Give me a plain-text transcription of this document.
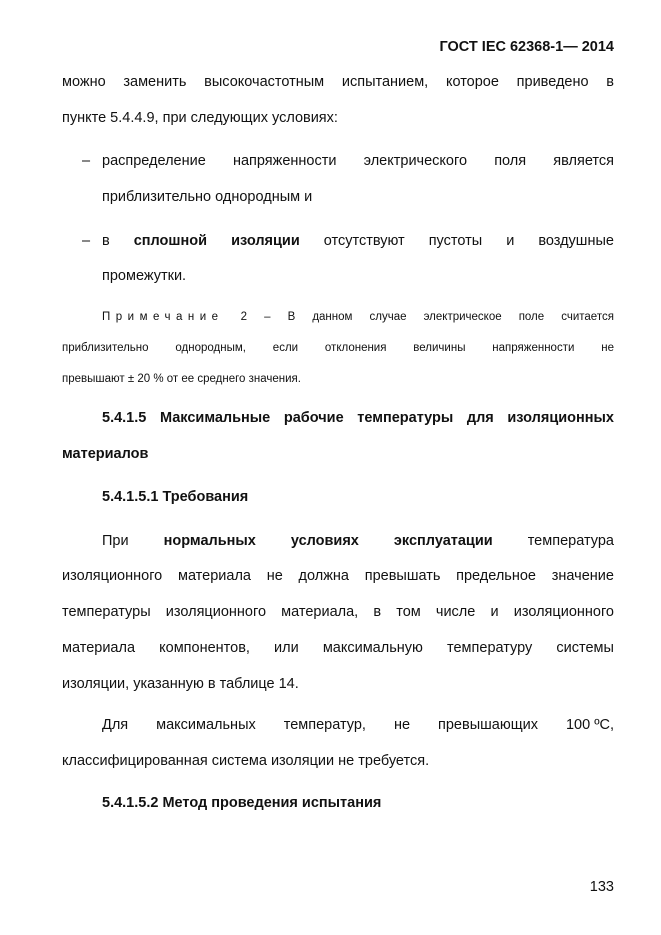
ГОСТ IEC 62368-1— 2014
можно заменить высокочастотным испытанием, которое приведено в
пункте 5.4.4.9, при следующих условиях:
– распределение напряженности электрического поля является
приблизительно однородным и
– в сплошной изоляции отсутствуют пустоты и воздушные
промежутки.
Примечание 2 – В данном случае электрическое поле считается
приблизительно однородным, если отклонения величины напряженности не
превышают ± 20 % от ее среднего значения.
5.4.1.5 Максимальные рабочие температуры для изоляционных
материалов
5.4.1.5.1 Требования
При нормальных условиях эксплуатации температура
изоляционного материала не должна превышать предельное значение
температуры изоляционного материала, в том числе и изоляционного
материала компонентов, или максимальную температуру системы
изоляции, указанную в таблице 14.
Для максимальных температур, не превышающих 100 ºС,
классифицированная система изоляции не требуется.
5.4.1.5.2 Метод проведения испытания
133
